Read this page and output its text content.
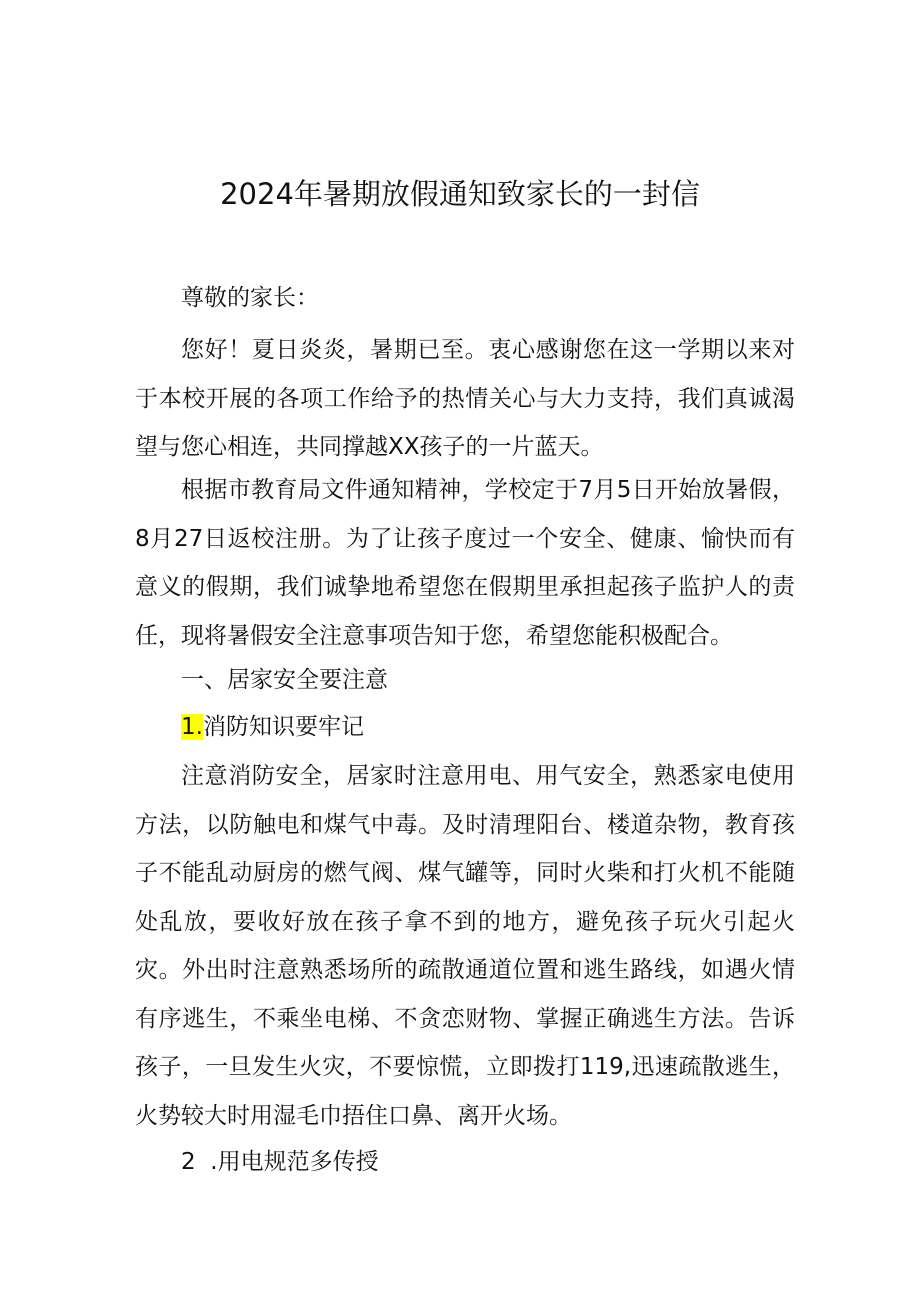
2024年暑期放假通知致家长的一封信
尊敬的家长：

您好！夏日炎炎，暑期已至。衷心感谢您在这一学期以来对于本校开展的各项工作给予的热情关心与大力支持，我们真诚渴望与您心相连，共同撑越XX孩子的一片蓝天。

根据市教育局文件通知精神，学校定于7月5日开始放暑假，8月27日返校注册。为了让孩子度过一个安全、健康、愉快而有意义的假期，我们诚挚地希望您在假期里承担起孩子监护人的责任，现将暑假安全注意事项告知于您，希望您能积极配合。

一、居家安全要注意
1.消防知识要牢记

注意消防安全，居家时注意用电、用气安全，熟悉家电使用方法，以防触电和煤气中毒。及时清理阳台、楼道杂物，教育孩子不能乱动厨房的燃气阀、煤气罐等，同时火柴和打火机不能随处乱放，要收好放在孩子拿不到的地方，避免孩子玩火引起火灾。外出时注意熟悉场所的疏散通道位置和逃生路线，如遇火情有序逃生，不乘坐电梯、不贪恋财物、掌握正确逃生方法。告诉孩子，一旦发生火灾，不要惊慌，立即拨打119,迅速疏散逃生，火势较大时用湿毛巾捂住口鼻、离开火场。

2  .用电规范多传授
